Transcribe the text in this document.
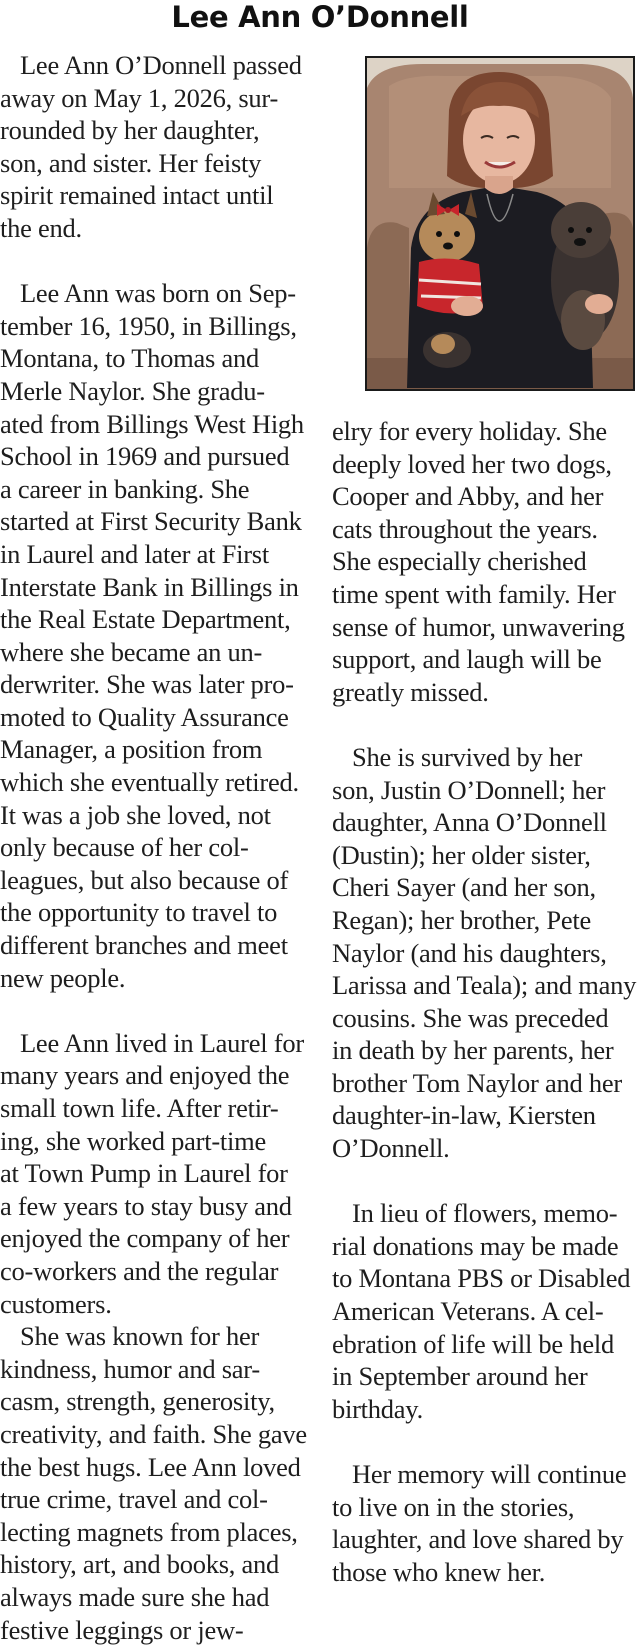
Lee Ann O’Donnell

Lee Ann O’Donnell passed
away on May 1, 2026, sur-
rounded by her daughter,
son, and sister. Her feisty
spirit remained intact until
the end.

Lee Ann was born on Sep-
tember 16, 1950, in Billings,
Montana, to Thomas and
Merle Naylor. She gradu-
ated from Billings West High
School in 1969 and pursued
a career in banking. She
started at First Security Bank
in Laurel and later at First
Interstate Bank in Billings in
the Real Estate Department,
where she became an un-
derwriter. She was later pro-
moted to Quality Assurance
Manager, a position from
which she eventually retired.
It was a job she loved, not
only because of her col-
leagues, but also because of
the opportunity to travel to
different branches and meet
new people.

Lee Ann lived in Laurel for
many years and enjoyed the
small town life. After retir-
ing, she worked part-time
at Town Pump in Laurel for
a few years to stay busy and
enjoyed the company of her
co-workers and the regular
customers.

She was known for her
kindness, humor and sar-
casm, strength, generosity,
creativity, and faith. She gave
the best hugs. Lee Ann loved
true crime, travel and col-
lecting magnets from places,
history, art, and books, and
always made sure she had
festive leggings or jew-

elry for every holiday. She
deeply loved her two dogs,
Cooper and Abby, and her
cats throughout the years.
She especially cherished
time spent with family. Her
sense of humor, unwavering
support, and laugh will be
greatly missed.

She is survived by her
son, Justin O’Donnell; her
daughter, Anna O’Donnell
(Dustin); her older sister,
Cheri Sayer (and her son,
Regan); her brother, Pete
Naylor (and his daughters,
Larissa and Teala); and many
cousins. She was preceded
in death by her parents, her
brother Tom Naylor and her
daughter-in-law, Kiersten
O’Donnell.

In lieu of flowers, memo-
rial donations may be made
to Montana PBS or Disabled
American Veterans. A cel-
ebration of life will be held
in September around her
birthday.

Her memory will continue
to live on in the stories,
laughter, and love shared by
those who knew her.
